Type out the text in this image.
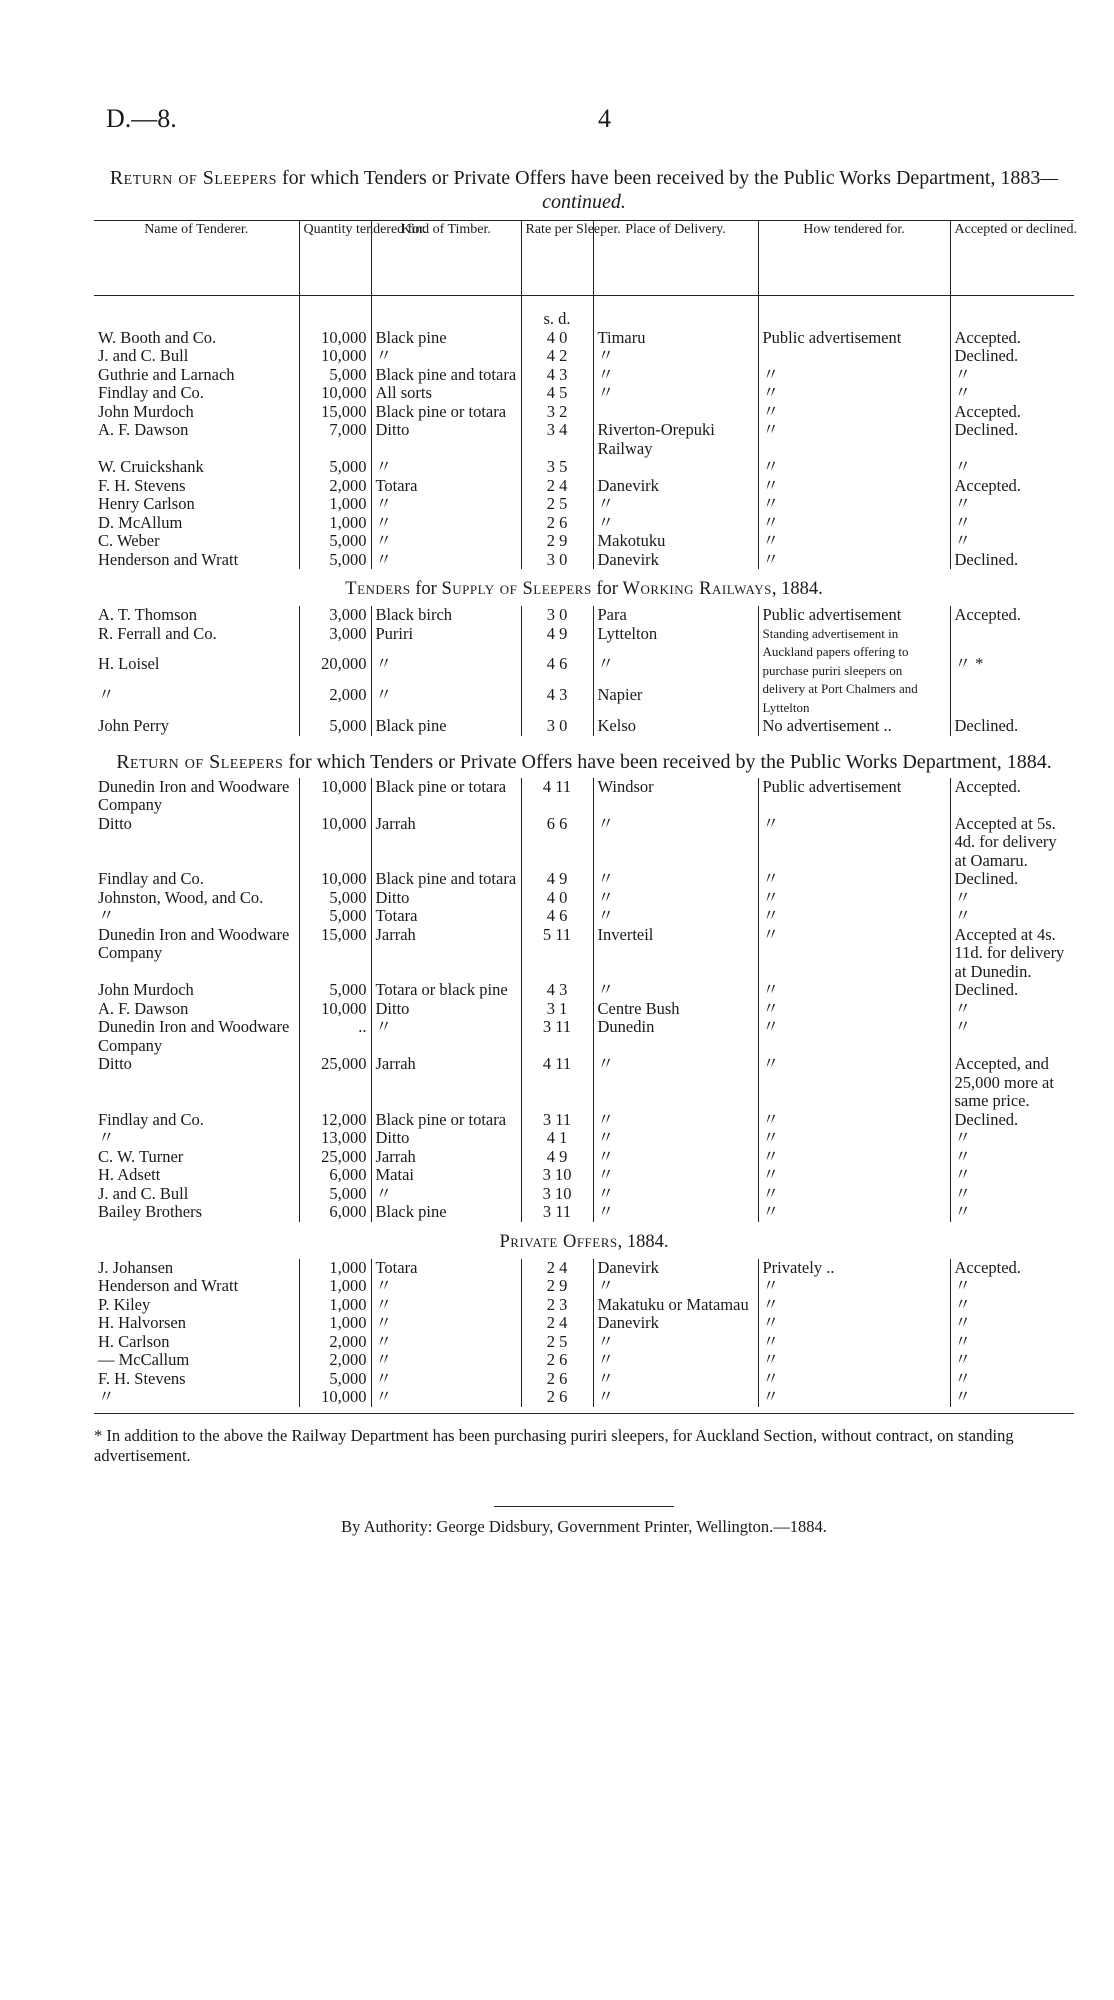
D.—8.	4
Return of Sleepers for which Tenders or Private Offers have been received by the Public Works Department, 1883—continued.
Name of Tenderer.	Quantity tendered for.	Kind of Timber.	Rate per Sleeper.	Place of Delivery.	How tendered for.	Accepted or declined.

			s. d.			
W. Booth and Co.	10,000	Black pine	4 0	Timaru	Public advertisement	Accepted.
J. and C. Bull	10,000	〃	4 2	〃		Declined.
Guthrie and Larnach	5,000	Black pine and totara	4 3	〃	〃	〃
Findlay and Co.	10,000	All sorts	4 5	〃	〃	〃
John Murdoch	15,000	Black pine or totara	3 2		〃	Accepted.
A. F. Dawson	7,000	Ditto	3 4	Riverton-Orepuki Railway	〃	Declined.
W. Cruickshank	5,000	〃	3 5		〃	〃
F. H. Stevens	2,000	Totara	2 4	Danevirk	〃	Accepted.
Henry Carlson	1,000	〃	2 5	〃	〃	〃
D. McAllum	1,000	〃	2 6	〃	〃	〃
C. Weber	5,000	〃	2 9	Makotuku	〃	〃
Henderson and Wratt	5,000	〃	3 0	Danevirk	〃	Declined.
Tenders for Supply of Sleepers for Working Railways, 1884.
A. T. Thomson	3,000	Black birch	3 0	Para	Public advertisement	Accepted.
R. Ferrall and Co.	3,000	Puriri	4 9	Lyttelton	Standing advertisement in Auckland papers offering to purchase puriri sleepers on delivery at Port Chalmers and Lyttelton	
H. Loisel	20,000	〃	4 6	〃		〃 *
〃	2,000	〃	4 3	Napier		
John Perry	5,000	Black pine	3 0	Kelso	No advertisement ..	Declined.
Return of Sleepers for which Tenders or Private Offers have been received by the Public Works Department, 1884.
Dunedin Iron and Woodware Company	10,000	Black pine or totara	4 11	Windsor	Public advertisement	Accepted.
Ditto	10,000	Jarrah	6 6	〃	〃	Accepted at 5s. 4d. for delivery at Oamaru.
Findlay and Co.	10,000	Black pine and totara	4 9	〃	〃	Declined.
Johnston, Wood, and Co.	5,000	Ditto	4 0	〃	〃	〃
〃	5,000	Totara	4 6	〃	〃	〃
Dunedin Iron and Woodware Company	15,000	Jarrah	5 11	Inverteil	〃	Accepted at 4s. 11d. for delivery at Dunedin.
John Murdoch	5,000	Totara or black pine	4 3	〃	〃	Declined.
A. F. Dawson	10,000	Ditto	3 1	Centre Bush	〃	〃
Dunedin Iron and Woodware Company	..	〃	3 11	Dunedin	〃	〃
Ditto	25,000	Jarrah	4 11	〃	〃	Accepted, and 25,000 more at same price.
Findlay and Co.	12,000	Black pine or totara	3 11	〃	〃	Declined.
〃	13,000	Ditto	4 1	〃	〃	〃
C. W. Turner	25,000	Jarrah	4 9	〃	〃	〃
H. Adsett	6,000	Matai	3 10	〃	〃	〃
J. and C. Bull	5,000	〃	3 10	〃	〃	〃
Bailey Brothers	6,000	Black pine	3 11	〃	〃	〃
Private Offers, 1884.
J. Johansen	1,000	Totara	2 4	Danevirk	Privately ..	Accepted.
Henderson and Wratt	1,000	〃	2 9	〃	〃	〃
P. Kiley	1,000	〃	2 3	Makatuku or Matamau	〃	〃
H. Halvorsen	1,000	〃	2 4	Danevirk	〃	〃
H. Carlson	2,000	〃	2 5	〃	〃	〃
— McCallum	2,000	〃	2 6	〃	〃	〃
F. H. Stevens	5,000	〃	2 6	〃	〃	〃
〃	10,000	〃	2 6	〃	〃	〃
* In addition to the above the Railway Department has been purchasing puriri sleepers, for Auckland Section, without contract, on standing advertisement.
By Authority: George Didsbury, Government Printer, Wellington.—1884.
